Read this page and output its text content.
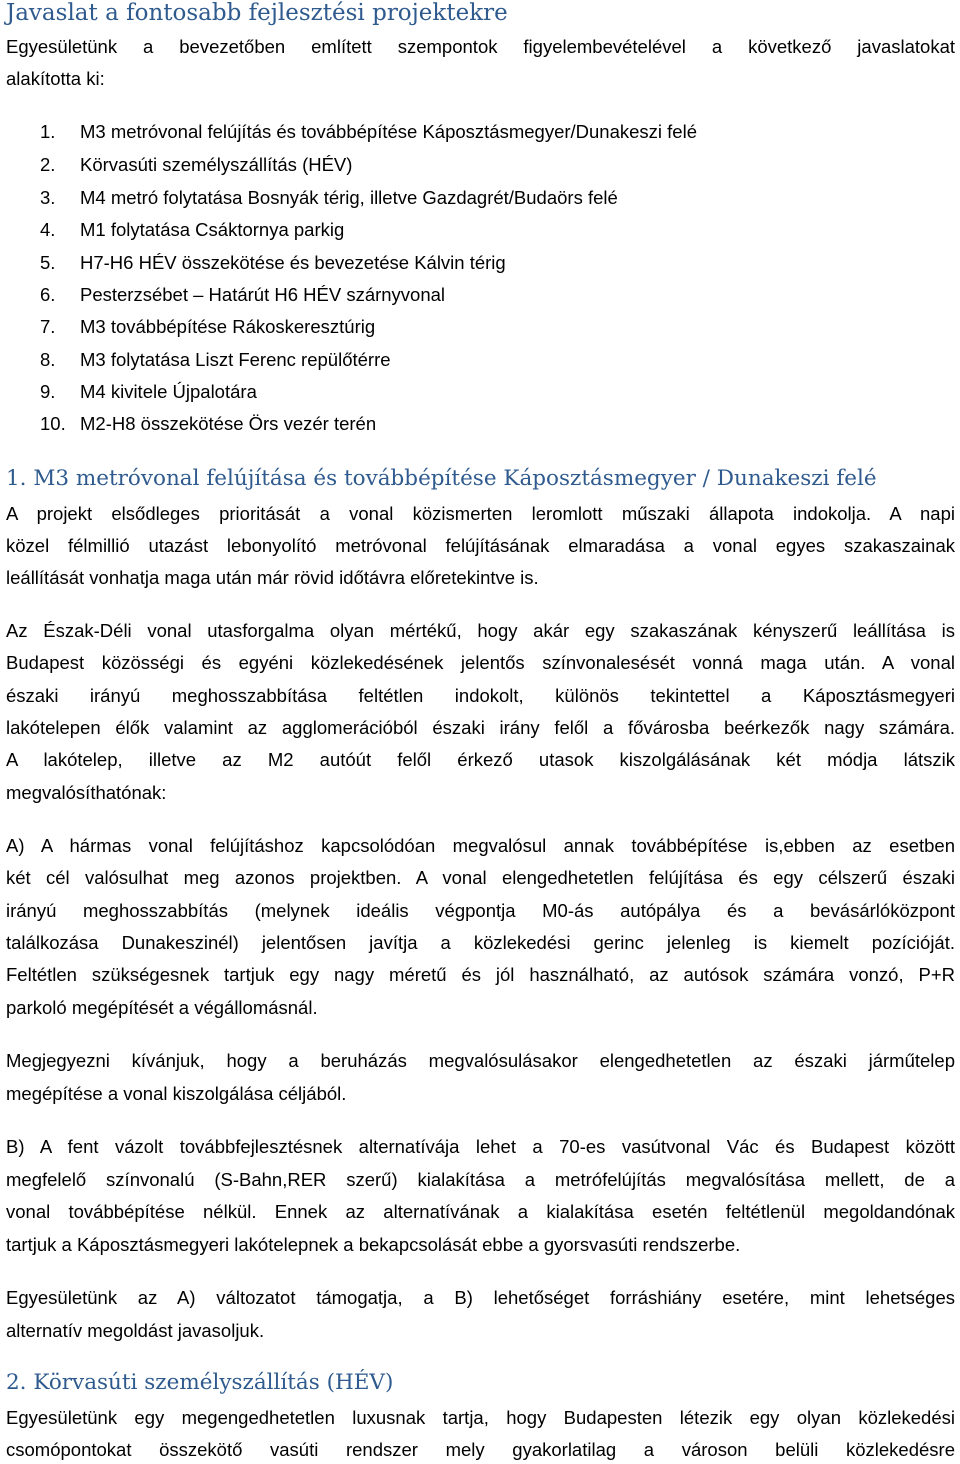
Javaslat a fontosabb fejlesztési projektekre
Egyesületünk a bevezetőben említett szempontok figyelembevételével a következő javaslatokat
alakította ki:
1. M3 metróvonal felújítás és továbbépítése Káposztásmegyer/Dunakeszi felé
2. Körvasúti személyszállítás (HÉV)
3. M4 metró folytatása Bosnyák térig, illetve Gazdagrét/Budaörs felé
4. M1 folytatása Csáktornya parkig
5. H7-H6 HÉV összekötése és bevezetése Kálvin térig
6. Pesterzsébet – Határút H6 HÉV szárnyvonal
7. M3 továbbépítése Rákoskeresztúrig
8. M3 folytatása Liszt Ferenc repülőtérre
9. M4 kivitele Újpalotára
10. M2-H8 összekötése Örs vezér terén
1. M3 metróvonal felújítása és továbbépítése Káposztásmegyer / Dunakeszi felé
A projekt elsődleges prioritását a vonal közismerten leromlott műszaki állapota indokolja. A napi
közel félmillió utazást lebonyolító metróvonal felújításának elmaradása a vonal egyes szakaszainak
leállítását vonhatja maga után már rövid időtávra előretekintve is.
Az Észak-Déli vonal utasforgalma olyan mértékű, hogy akár egy szakaszának kényszerű leállítása is
Budapest közösségi és egyéni közlekedésének jelentős színvonalesését vonná maga után. A vonal
északi irányú meghosszabbítása feltétlen indokolt, különös tekintettel a Káposztásmegyeri
lakótelepen élők valamint az agglomerációból északi irány felől a fővárosba beérkezők nagy számára.
A lakótelep, illetve az M2 autóút felől érkező utasok kiszolgálásának két módja látszik
megvalósíthatónak:
A) A hármas vonal felújításhoz kapcsolódóan megvalósul annak továbbépítése is,ebben az esetben
két cél valósulhat meg azonos projektben. A vonal elengedhetetlen felújítása és egy célszerű északi
irányú meghosszabbítás (melynek ideális végpontja M0-ás autópálya és a bevásárlóközpont
találkozása Dunakeszinél) jelentősen javítja a közlekedési gerinc jelenleg is kiemelt pozícióját.
Feltétlen szükségesnek tartjuk egy nagy méretű és jól használható, az autósok számára vonzó, P+R
parkoló megépítését a végállomásnál.
Megjegyezni kívánjuk, hogy a beruházás megvalósulásakor elengedhetetlen az északi járműtelep
megépítése a vonal kiszolgálása céljából.
B) A fent vázolt továbbfejlesztésnek alternatívája lehet a 70-es vasútvonal Vác és Budapest között
megfelelő színvonalú (S-Bahn,RER szerű) kialakítása a metrófelújítás megvalósítása mellett, de a
vonal továbbépítése nélkül. Ennek az alternatívának a kialakítása esetén feltétlenül megoldandónak
tartjuk a Káposztásmegyeri lakótelepnek a bekapcsolását ebbe a gyorsvasúti rendszerbe.
Egyesületünk az A) változatot támogatja, a B) lehetőséget forráshiány esetére, mint lehetséges
alternatív megoldást javasoljuk.
2. Körvasúti személyszállítás (HÉV)
Egyesületünk egy megengedhetetlen luxusnak tartja, hogy Budapesten létezik egy olyan közlekedési
csomópontokat összekötő vasúti rendszer mely gyakorlatilag a városon belüli közlekedésre
